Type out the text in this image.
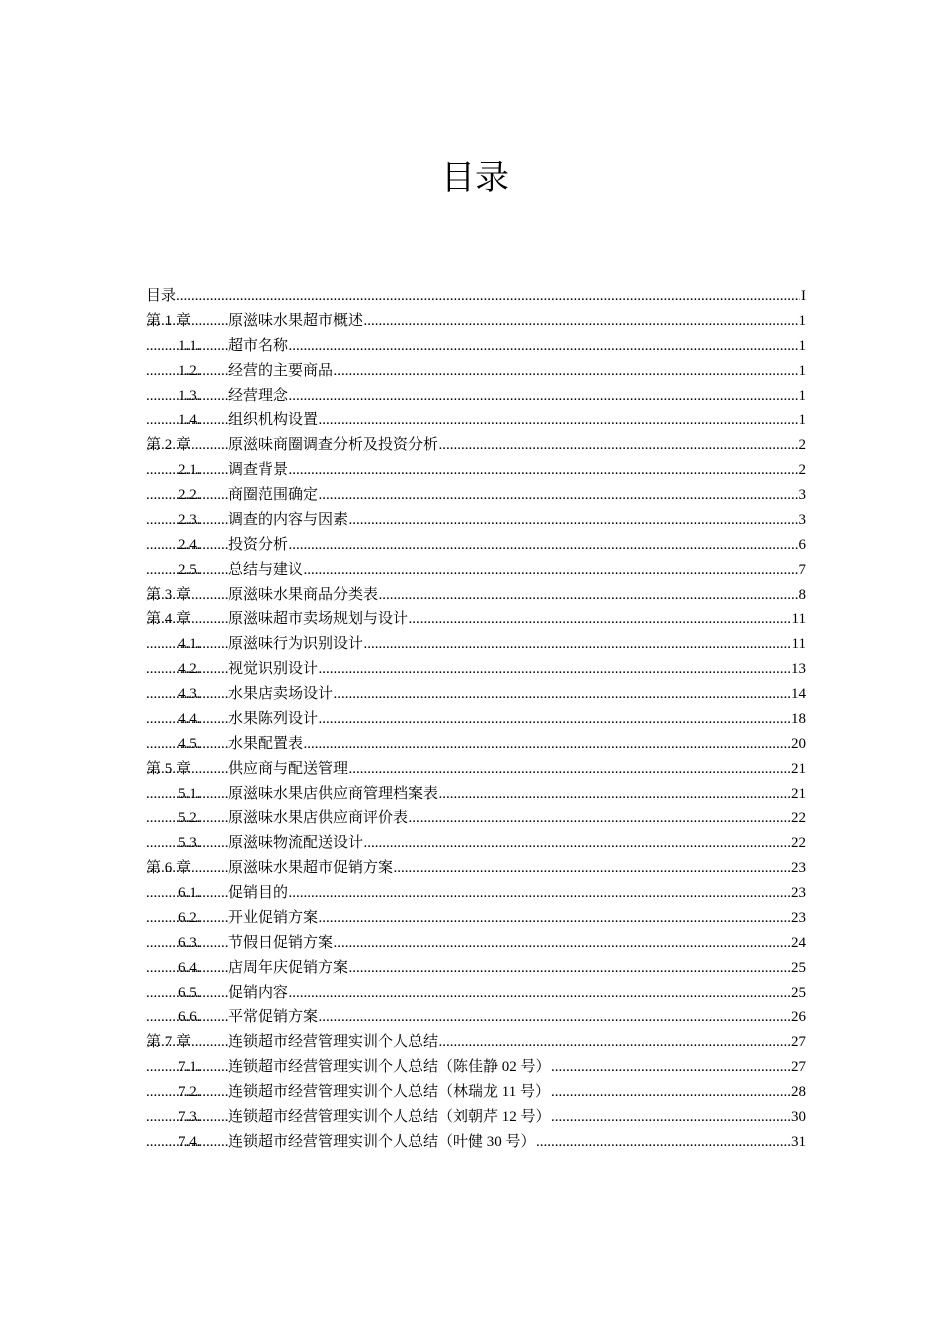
目录
.....
目录	I
.....
第 1 章 原滋味水果超市概述	1
.....
1.1. 超市名称	1
.....
1.2. 经营的主要商品	1
.....
1.3. 经营理念	1
.....
1.4. 组织机构设置	1
.....
第 2 章 原滋味商圈调查分析及投资分析	2
.....
2.1. 调查背景	2
.....
2.2. 商圈范围确定	3
.....
2.3. 调查的内容与因素	3
.....
2.4. 投资分析	6
.....
2.5. 总结与建议	7
.....
第 3 章 原滋味水果商品分类表	8
.....
第 4 章 原滋味超市卖场规划与设计	11
.....
4.1. 原滋味行为识别设计	11
.....
4.2. 视觉识别设计	13
.....
4.3. 水果店卖场设计	14
.....
4.4. 水果陈列设计	18
.....
4.5. 水果配置表	20
.....
第 5 章 供应商与配送管理	21
.....
5.1. 原滋味水果店供应商管理档案表	21
.....
5.2. 原滋味水果店供应商评价表	22
.....
5.3. 原滋味物流配送设计	22
.....
第 6 章 原滋味水果超市促销方案	23
.....
6.1. 促销目的	23
.....
6.2. 开业促销方案	23
.....
6.3. 节假日促销方案	24
.....
6.4. 店周年庆促销方案	25
.....
6.5. 促销内容	25
.....
6.6. 平常促销方案	26
.....
第 7 章 连锁超市经营管理实训个人总结	27
.....
7.1. 连锁超市经营管理实训个人总结（陈佳静 02 号）	27
.....
7.2. 连锁超市经营管理实训个人总结（林瑞龙 11 号）	28
.....
7.3. 连锁超市经营管理实训个人总结（刘朝芹 12 号）	30
.....
7.4. 连锁超市经营管理实训个人总结（叶健 30 号）	31
